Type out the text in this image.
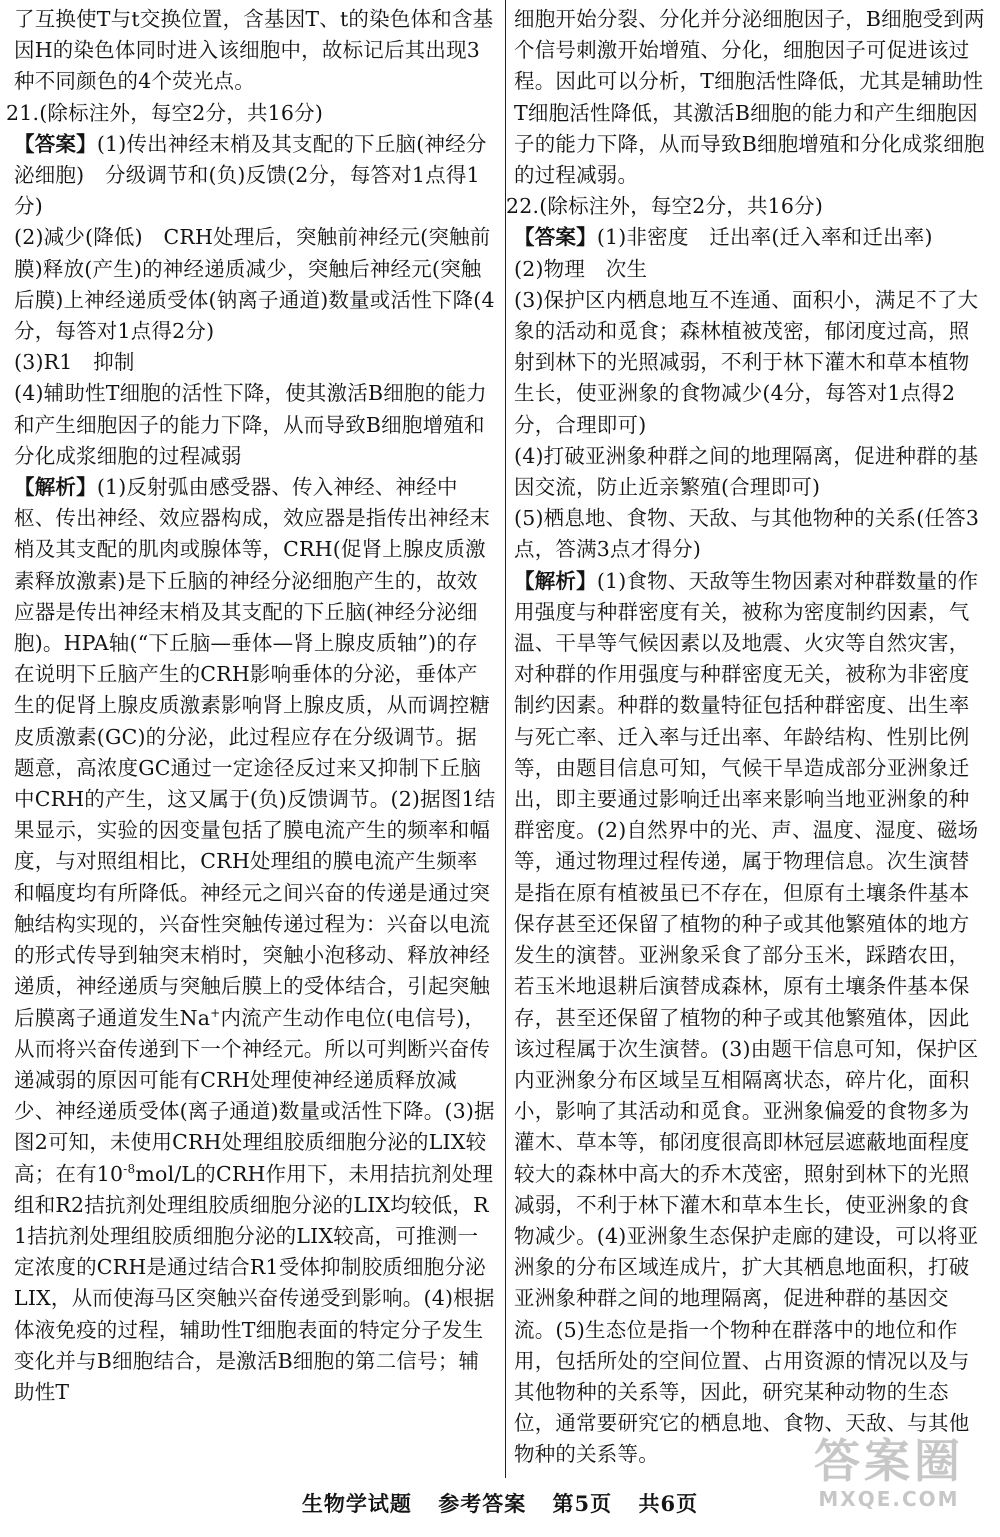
了互换使T与t交换位置，含基因T、t的染色体和含基因H的染色体同时进入该细胞中，故标记后其出现3种不同颜色的4个荧光点。

21.(除标注外，每空2分，共16分)

【答案】(1)传出神经末梢及其支配的下丘脑(神经分泌细胞)　分级调节和(负)反馈(2分，每答对1点得1分)

(2)减少(降低)　CRH处理后，突触前神经元(突触前膜)释放(产生)的神经递质减少，突触后神经元(突触后膜)上神经递质受体(钠离子通道)数量或活性下降(4分，每答对1点得2分)

(3)R1　抑制

(4)辅助性T细胞的活性下降，使其激活B细胞的能力和产生细胞因子的能力下降，从而导致B细胞增殖和分化成浆细胞的过程减弱

【解析】(1)反射弧由感受器、传入神经、神经中枢、传出神经、效应器构成，效应器是指传出神经末梢及其支配的肌肉或腺体等，CRH(促肾上腺皮质激素释放激素)是下丘脑的神经分泌细胞产生的，故效应器是传出神经末梢及其支配的下丘脑(神经分泌细胞)。HPA轴(“下丘脑—垂体—肾上腺皮质轴”)的存在说明下丘脑产生的CRH影响垂体的分泌，垂体产生的促肾上腺皮质激素影响肾上腺皮质，从而调控糖皮质激素(GC)的分泌，此过程应存在分级调节。据题意，高浓度GC通过一定途径反过来又抑制下丘脑中CRH的产生，这又属于(负)反馈调节。(2)据图1结果显示，实验的因变量包括了膜电流产生的频率和幅度，与对照组相比，CRH处理组的膜电流产生频率和幅度均有所降低。神经元之间兴奋的传递是通过突触结构实现的，兴奋性突触传递过程为：兴奋以电流的形式传导到轴突末梢时，突触小泡移动、释放神经递质，神经递质与突触后膜上的受体结合，引起突触后膜离子通道发生Na+内流产生动作电位(电信号)，从而将兴奋传递到下一个神经元。所以可判断兴奋传递减弱的原因可能有CRH处理使神经递质释放减少、神经递质受体(离子通道)数量或活性下降。(3)据图2可知，未使用CRH处理组胶质细胞分泌的LIX较高；在有$10^{-8}mol/L$的CRH作用下，未用拮抗剂处理组和R2拮抗剂处理组胶质细胞分泌的LIX均较低，R1拮抗剂处理组胶质细胞分泌的LIX较高，可推测一定浓度的CRH是通过结合R1受体抑制胶质细胞分泌LIX，从而使海马区突触兴奋传递受到影响。(4)根据体液免疫的过程，辅助性T细胞表面的特定分子发生变化并与B细胞结合，是激活B细胞的第二信号；辅助性T

细胞开始分裂、分化并分泌细胞因子，B细胞受到两个信号刺激开始增殖、分化，细胞因子可促进该过程。因此可以分析，T细胞活性降低，尤其是辅助性T细胞活性降低，其激活B细胞的能力和产生细胞因子的能力下降，从而导致B细胞增殖和分化成浆细胞的过程减弱。

22.(除标注外，每空2分，共16分)

【答案】(1)非密度　迁出率(迁入率和迁出率)

(2)物理　次生

(3)保护区内栖息地互不连通、面积小，满足不了大象的活动和觅食；森林植被茂密，郁闭度过高，照射到林下的光照减弱，不利于林下灌木和草本植物生长，使亚洲象的食物减少(4分，每答对1点得2分，合理即可)

(4)打破亚洲象种群之间的地理隔离，促进种群的基因交流，防止近亲繁殖(合理即可)

(5)栖息地、食物、天敌、与其他物种的关系(任答3点，答满3点才得分)

【解析】(1)食物、天敌等生物因素对种群数量的作用强度与种群密度有关，被称为密度制约因素，气温、干旱等气候因素以及地震、火灾等自然灾害，对种群的作用强度与种群密度无关，被称为非密度制约因素。种群的数量特征包括种群密度、出生率与死亡率、迁入率与迁出率、年龄结构、性别比例等，由题目信息可知，气候干旱造成部分亚洲象迁出，即主要通过影响迁出率来影响当地亚洲象的种群密度。(2)自然界中的光、声、温度、湿度、磁场等，通过物理过程传递，属于物理信息。次生演替是指在原有植被虽已不存在，但原有土壤条件基本保存甚至还保留了植物的种子或其他繁殖体的地方发生的演替。亚洲象采食了部分玉米，踩踏农田，若玉米地退耕后演替成森林，原有土壤条件基本保存，甚至还保留了植物的种子或其他繁殖体，因此该过程属于次生演替。(3)由题干信息可知，保护区内亚洲象分布区域呈互相隔离状态，碎片化，面积小，影响了其活动和觅食。亚洲象偏爱的食物多为灌木、草本等，郁闭度很高即林冠层遮蔽地面程度较大的森林中高大的乔木茂密，照射到林下的光照减弱，不利于林下灌木和草本生长，使亚洲象的食物减少。(4)亚洲象生态保护走廊的建设，可以将亚洲象的分布区域连成片，扩大其栖息地面积，打破亚洲象种群之间的地理隔离，促进种群的基因交流。(5)生态位是指一个物种在群落中的地位和作用，包括所处的空间位置、占用资源的情况以及与其他物种的关系等，因此，研究某种动物的生态位，通常要研究它的栖息地、食物、天敌、与其他物种的关系等。

生物学试题 参考答案 第5页 共6页
答案圈
MXQE.COM
